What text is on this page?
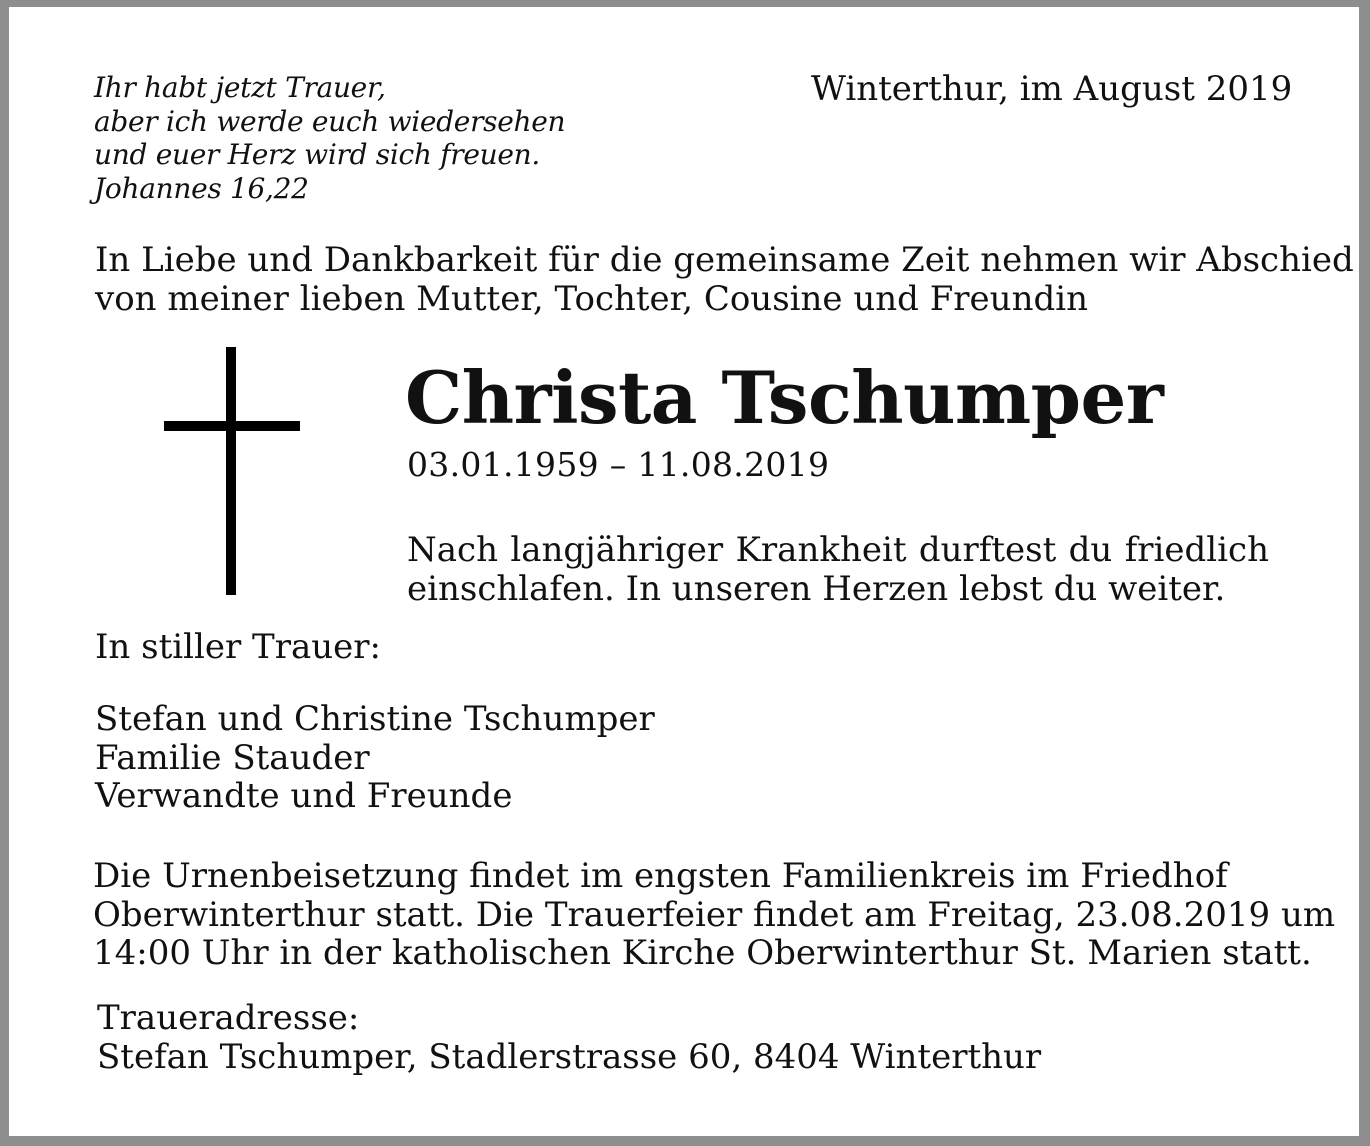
Ihr habt jetzt Trauer,
aber ich werde euch wiedersehen
und euer Herz wird sich freuen.
Johannes 16,22
Winterthur, im August 2019
In Liebe und Dankbarkeit für die gemeinsame Zeit nehmen wir Abschied
von meiner lieben Mutter, Tochter, Cousine und Freundin
Christa Tschumper
03.01.1959 – 11.08.2019
Nach langjähriger Krankheit durftest du friedlich
einschlafen. In unseren Herzen lebst du weiter.
In stiller Trauer:
Stefan und Christine Tschumper
Familie Stauder
Verwandte und Freunde
Die Urnenbeisetzung findet im engsten Familienkreis im Friedhof
Oberwinterthur statt. Die Trauerfeier findet am Freitag, 23.08.2019 um
14:00 Uhr in der katholischen Kirche Oberwinterthur St. Marien statt.
Traueradresse:
Stefan Tschumper, Stadlerstrasse 60, 8404 Winterthur
